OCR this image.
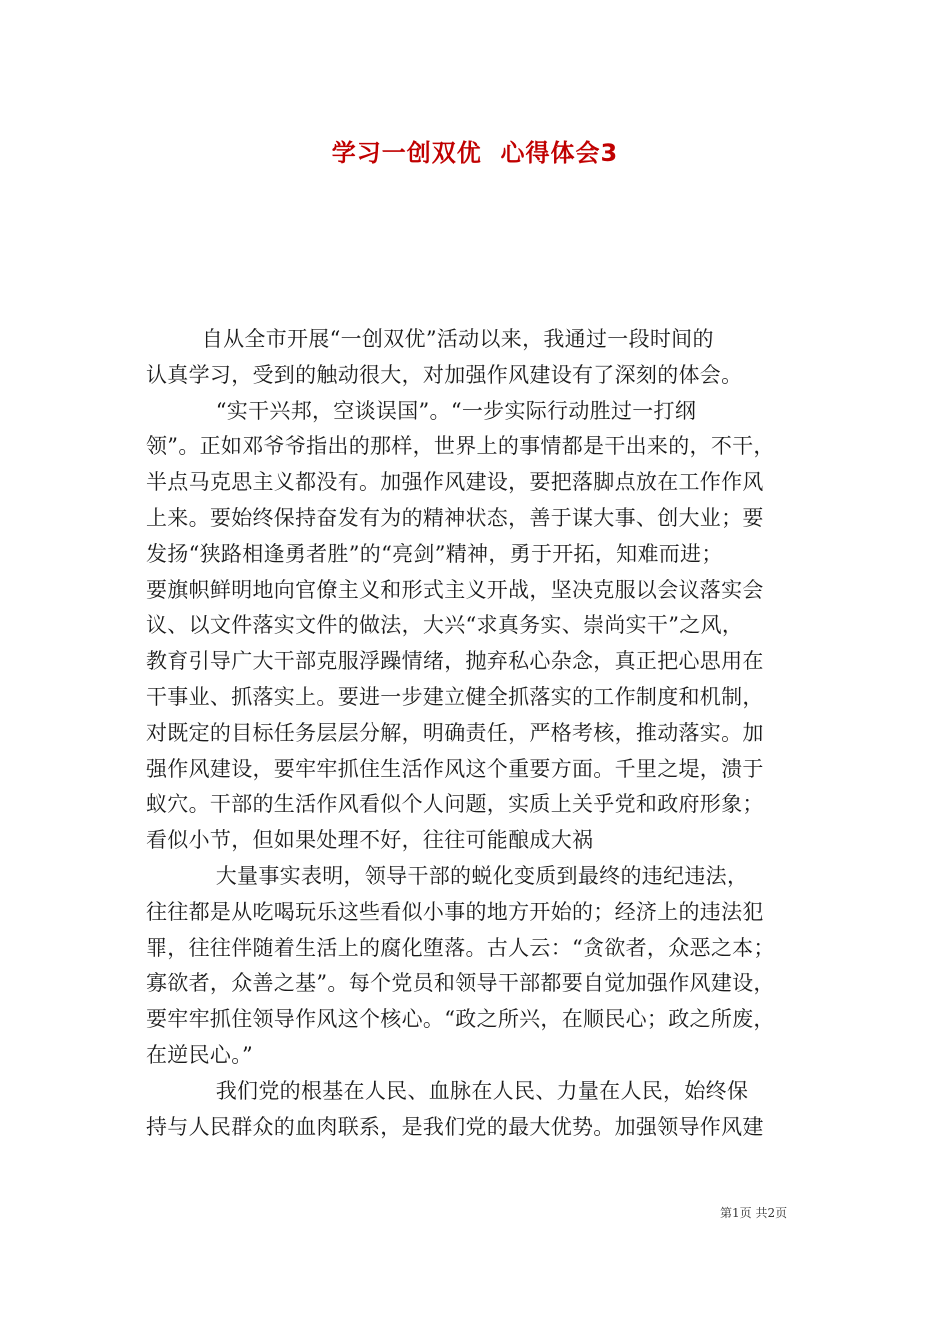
学习一创双优  心得体会3
自从全市开展“一创双优”活动以来，我通过一段时间的
认真学习，受到的触动很大，对加强作风建设有了深刻的体会。
“实干兴邦，空谈误国”。“一步实际行动胜过一打纲
领”。正如邓爷爷指出的那样，世界上的事情都是干出来的，不干，
半点马克思主义都没有。加强作风建设，要把落脚点放在工作作风
上来。要始终保持奋发有为的精神状态，善于谋大事、创大业；要
发扬“狭路相逢勇者胜”的“亮剑”精神，勇于开拓，知难而进；
要旗帜鲜明地向官僚主义和形式主义开战，坚决克服以会议落实会
议、以文件落实文件的做法，大兴“求真务实、崇尚实干”之风，
教育引导广大干部克服浮躁情绪，抛弃私心杂念，真正把心思用在
干事业、抓落实上。要进一步建立健全抓落实的工作制度和机制，
对既定的目标任务层层分解，明确责任，严格考核，推动落实。加
强作风建设，要牢牢抓住生活作风这个重要方面。千里之堤，溃于
蚁穴。干部的生活作风看似个人问题，实质上关乎党和政府形象；
看似小节，但如果处理不好，往往可能酿成大祸
大量事实表明，领导干部的蜕化变质到最终的违纪违法，
往往都是从吃喝玩乐这些看似小事的地方开始的；经济上的违法犯
罪，往往伴随着生活上的腐化堕落。古人云：“贪欲者，众恶之本；
寡欲者，众善之基”。每个党员和领导干部都要自觉加强作风建设，
要牢牢抓住领导作风这个核心。“政之所兴，在顺民心；政之所废，
在逆民心。”
我们党的根基在人民、血脉在人民、力量在人民，始终保
持与人民群众的血肉联系，是我们党的最大优势。加强领导作风建
第1页 共2页
